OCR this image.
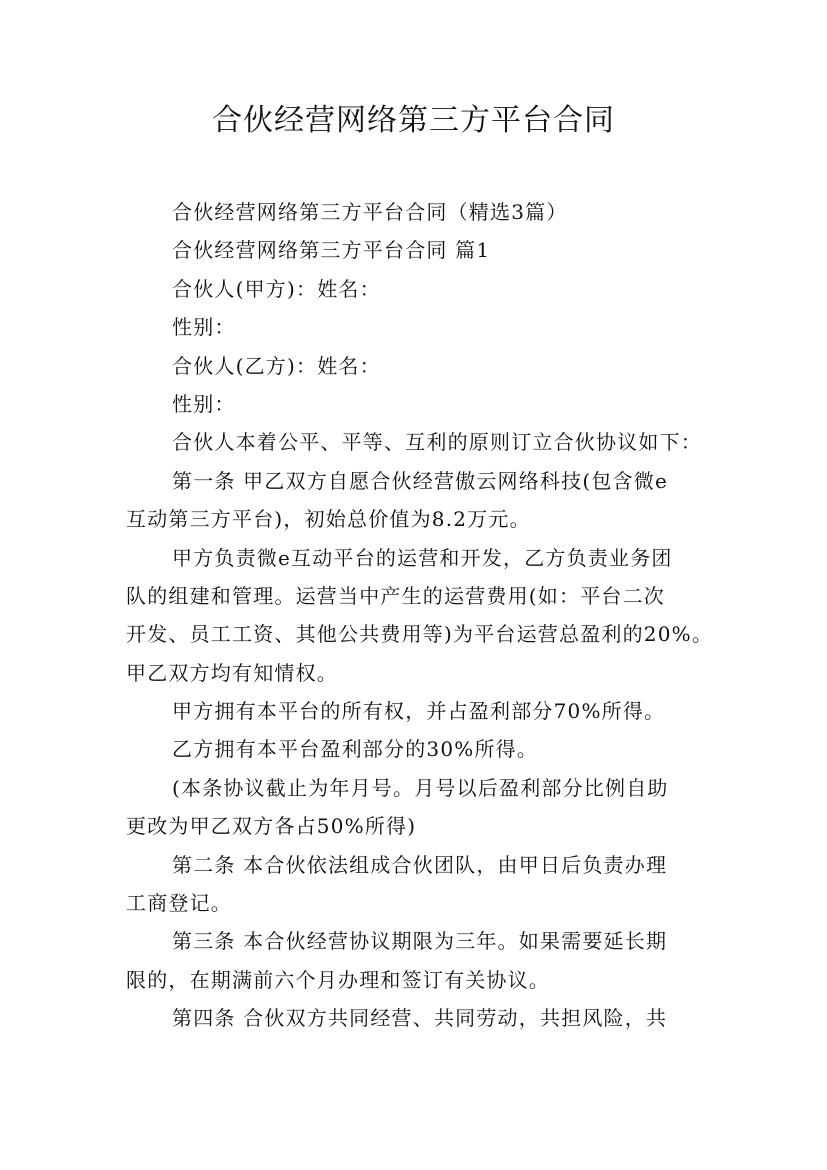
合伙经营网络第三方平台合同
合伙经营网络第三方平台合同（精选3篇）
合伙经营网络第三方平台合同 篇1
合伙人(甲方)：姓名：
性别：
合伙人(乙方)：姓名：
性别：
合伙人本着公平、平等、互利的原则订立合伙协议如下：
第一条 甲乙双方自愿合伙经营傲云网络科技(包含微e
互动第三方平台)，初始总价值为8.2万元。
甲方负责微e互动平台的运营和开发，乙方负责业务团
队的组建和管理。运营当中产生的运营费用(如：平台二次
开发、员工工资、其他公共费用等)为平台运营总盈利的20%。
甲乙双方均有知情权。
甲方拥有本平台的所有权，并占盈利部分70%所得。
乙方拥有本平台盈利部分的30%所得。
(本条协议截止为年月号。月号以后盈利部分比例自助
更改为甲乙双方各占50%所得)
第二条 本合伙依法组成合伙团队，由甲日后负责办理
工商登记。
第三条 本合伙经营协议期限为三年。如果需要延长期
限的，在期满前六个月办理和签订有关协议。
第四条 合伙双方共同经营、共同劳动，共担风险，共
